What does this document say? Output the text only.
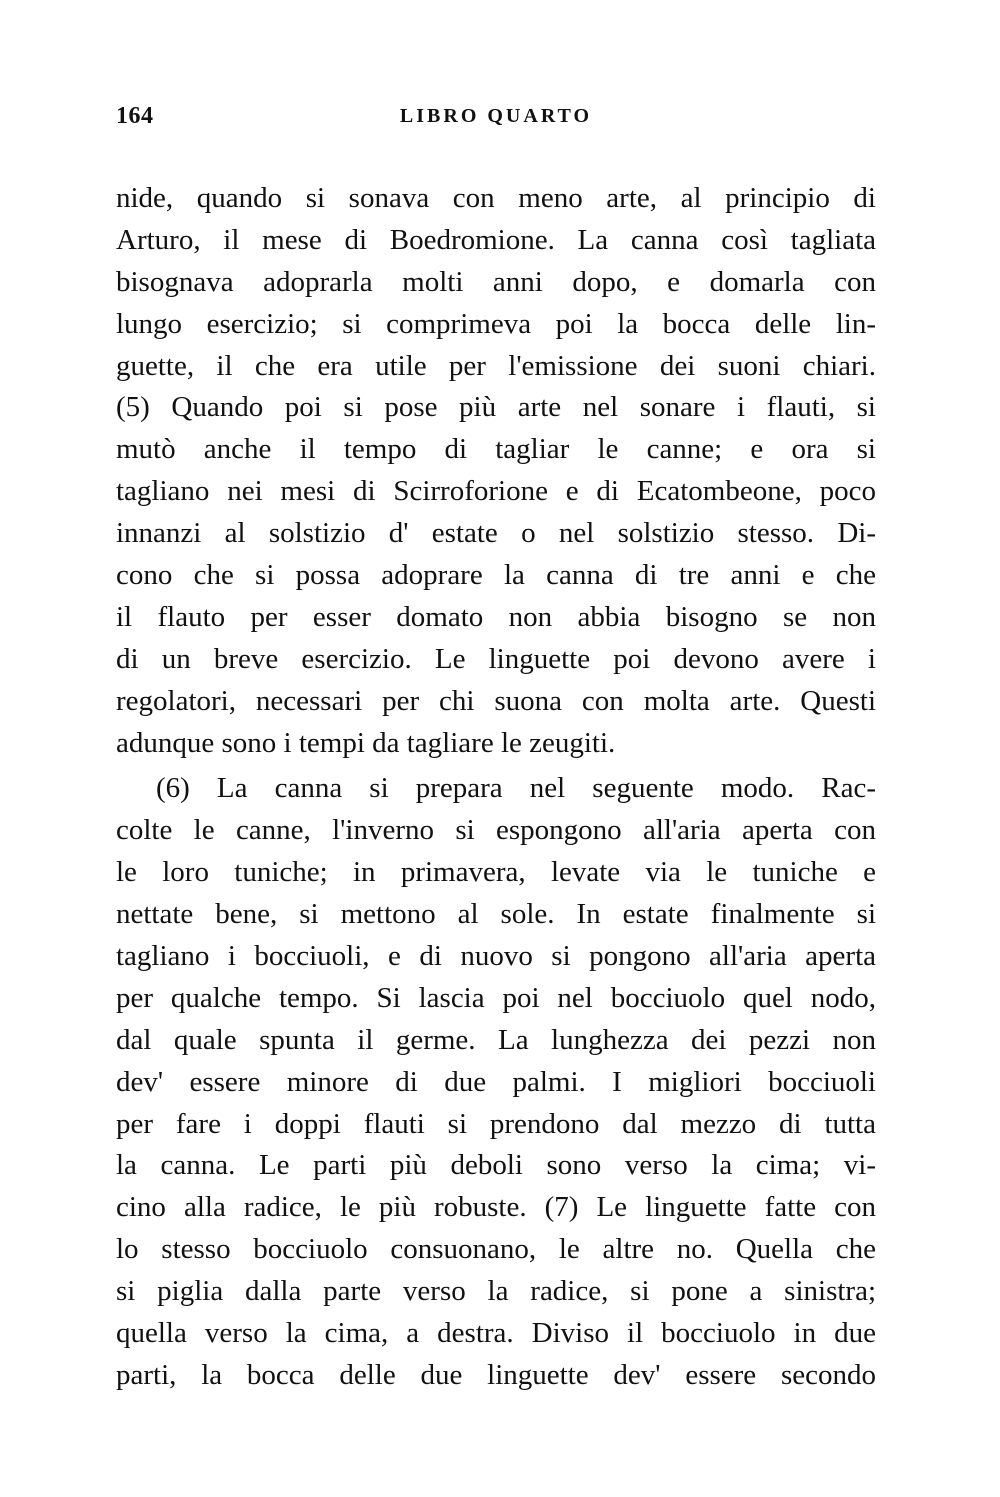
164	LIBRO QUARTO
nide, quando si sonava con meno arte, al principio di
Arturo, il mese di Boedromione. La canna così tagliata
bisognava adoprarla molti anni dopo, e domarla con
lungo esercizio; si comprimeva poi la bocca delle lin-
guette, il che era utile per l'emissione dei suoni chiari.
(5) Quando poi si pose più arte nel sonare i flauti, si
mutò anche il tempo di tagliar le canne; e ora si
tagliano nei mesi di Scirroforione e di Ecatombeone, poco
innanzi al solstizio d' estate o nel solstizio stesso. Di-
cono che si possa adoprare la canna di tre anni e che
il flauto per esser domato non abbia bisogno se non
di un breve esercizio. Le linguette poi devono avere i
regolatori, necessari per chi suona con molta arte. Questi
adunque sono i tempi da tagliare le zeugiti.
(6) La canna si prepara nel seguente modo. Rac-
colte le canne, l'inverno si espongono all'aria aperta con
le loro tuniche; in primavera, levate via le tuniche e
nettate bene, si mettono al sole. In estate finalmente si
tagliano i bocciuoli, e di nuovo si pongono all'aria aperta
per qualche tempo. Si lascia poi nel bocciuolo quel nodo,
dal quale spunta il germe. La lunghezza dei pezzi non
dev' essere minore di due palmi. I migliori bocciuoli
per fare i doppi flauti si prendono dal mezzo di tutta
la canna. Le parti più deboli sono verso la cima; vi-
cino alla radice, le più robuste. (7) Le linguette fatte con
lo stesso bocciuolo consuonano, le altre no. Quella che
si piglia dalla parte verso la radice, si pone a sinistra;
quella verso la cima, a destra. Diviso il bocciuolo in due
parti, la bocca delle due linguette dev' essere secondo
